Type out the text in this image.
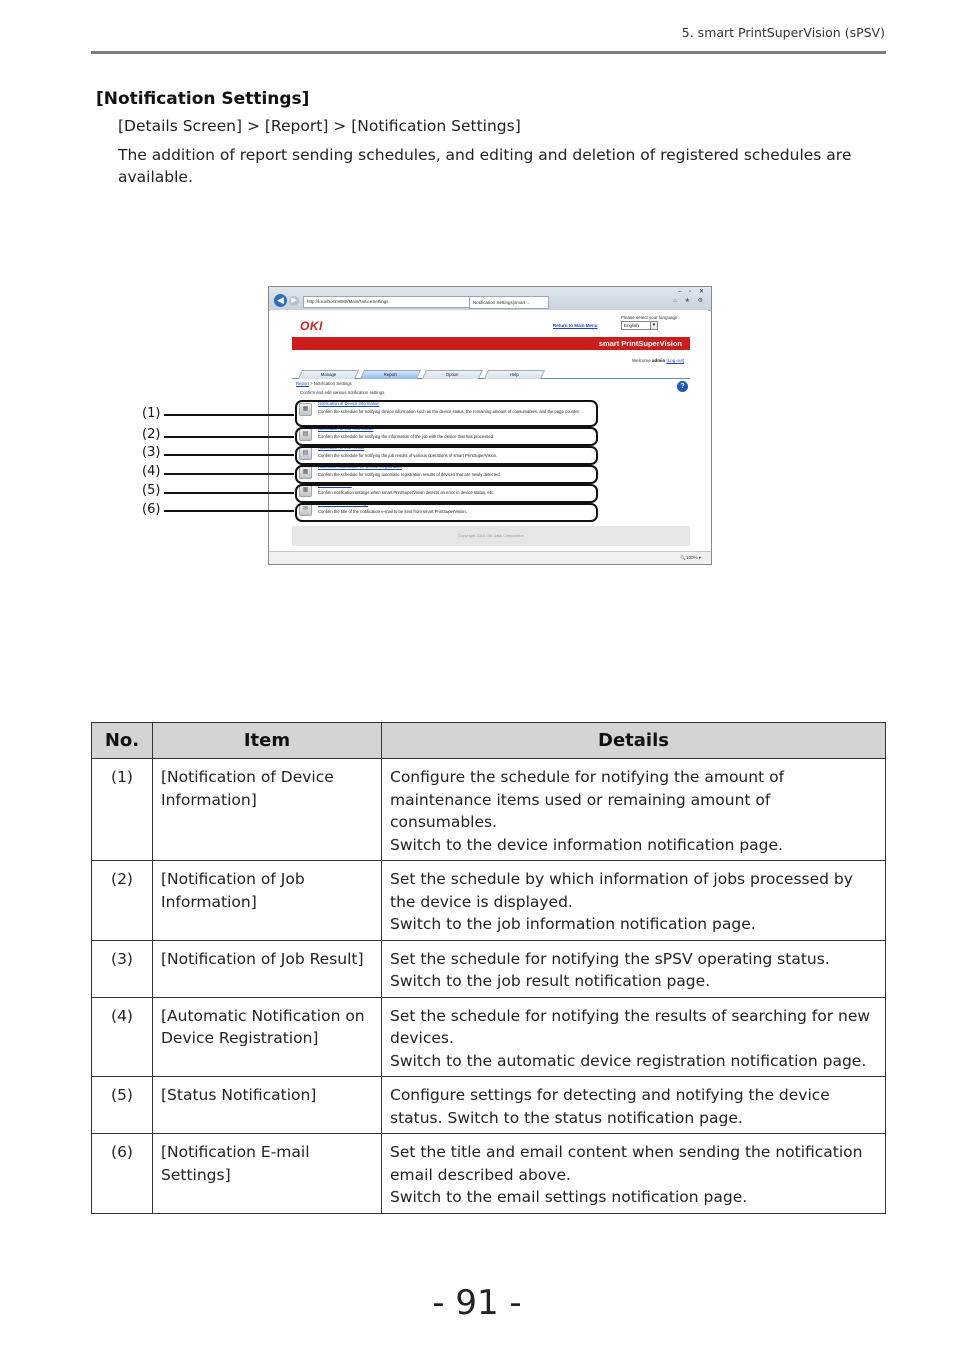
5. smart PrintSuperVision (sPSV)
[Notification Settings]
[Details Screen] > [Report] > [Notification Settings]
The addition of report sending schedules, and editing and deletion of registered schedules are available.
◀	▶	http://localhost:9080/Main/NoticeSettings	Notification Settings|smart ...
– ▫ ✕
⌂ ★ ⚙
OKI	Return to Main Menu
Please select your language:
English ▾
smart PrintSuperVision
Welcome admin [Log out]
Manage	Report	Option	Help
Report > Notification Settings
Confirm and edit various notification settings.
?
▦
Notification of Device Information
Confirm the schedule for notifying device information such as the device status, the remaining amount of consumables, and the page counter.
▤
Notification of Job Information
Confirm the schedule for notifying the information of the job with the device that has processed.
▤
Notification of Job Result
Confirm the schedule for notifying the job results of various operations of smart PrintSuperVision.
▦
Automatic Notification on Device Registration
Confirm the schedule for notifying automatic registration results of devices that are newly detected.
▦
Status Notification
Confirm notification settings when smart PrintSuperVision detects an error in device status, etc.
✉
Notification E-mail Settings
Confirm the title of the notification e-mail to be sent from smart PrintSuperVision.
Copyright 2014 Oki Data Corporation
🔍100% ▾
(1)
(2)
(3)
(4)
(5)
(6)
No.	Item	Details
(1)	[Notification of Device Information]	Configure the schedule for notifying the amount of maintenance items used or remaining amount of consumables.
Switch to the device information notification page.

(2)	[Notification of Job Information]	Set the schedule by which information of jobs processed by the device is displayed.
Switch to the job information notification page.

(3)	[Notification of Job Result]	Set the schedule for notifying the sPSV operating status.
Switch to the job result notification page.

(4)	[Automatic Notification on Device Registration]	Set the schedule for notifying the results of searching for new devices.
Switch to the automatic device registration notification page.

(5)	[Status Notification]	Configure settings for detecting and notifying the device status. Switch to the status notification page.

(6)	[Notification E-mail Settings]	Set the title and email content when sending the notification email described above.
Switch to the email settings notification page.
- 91 -
